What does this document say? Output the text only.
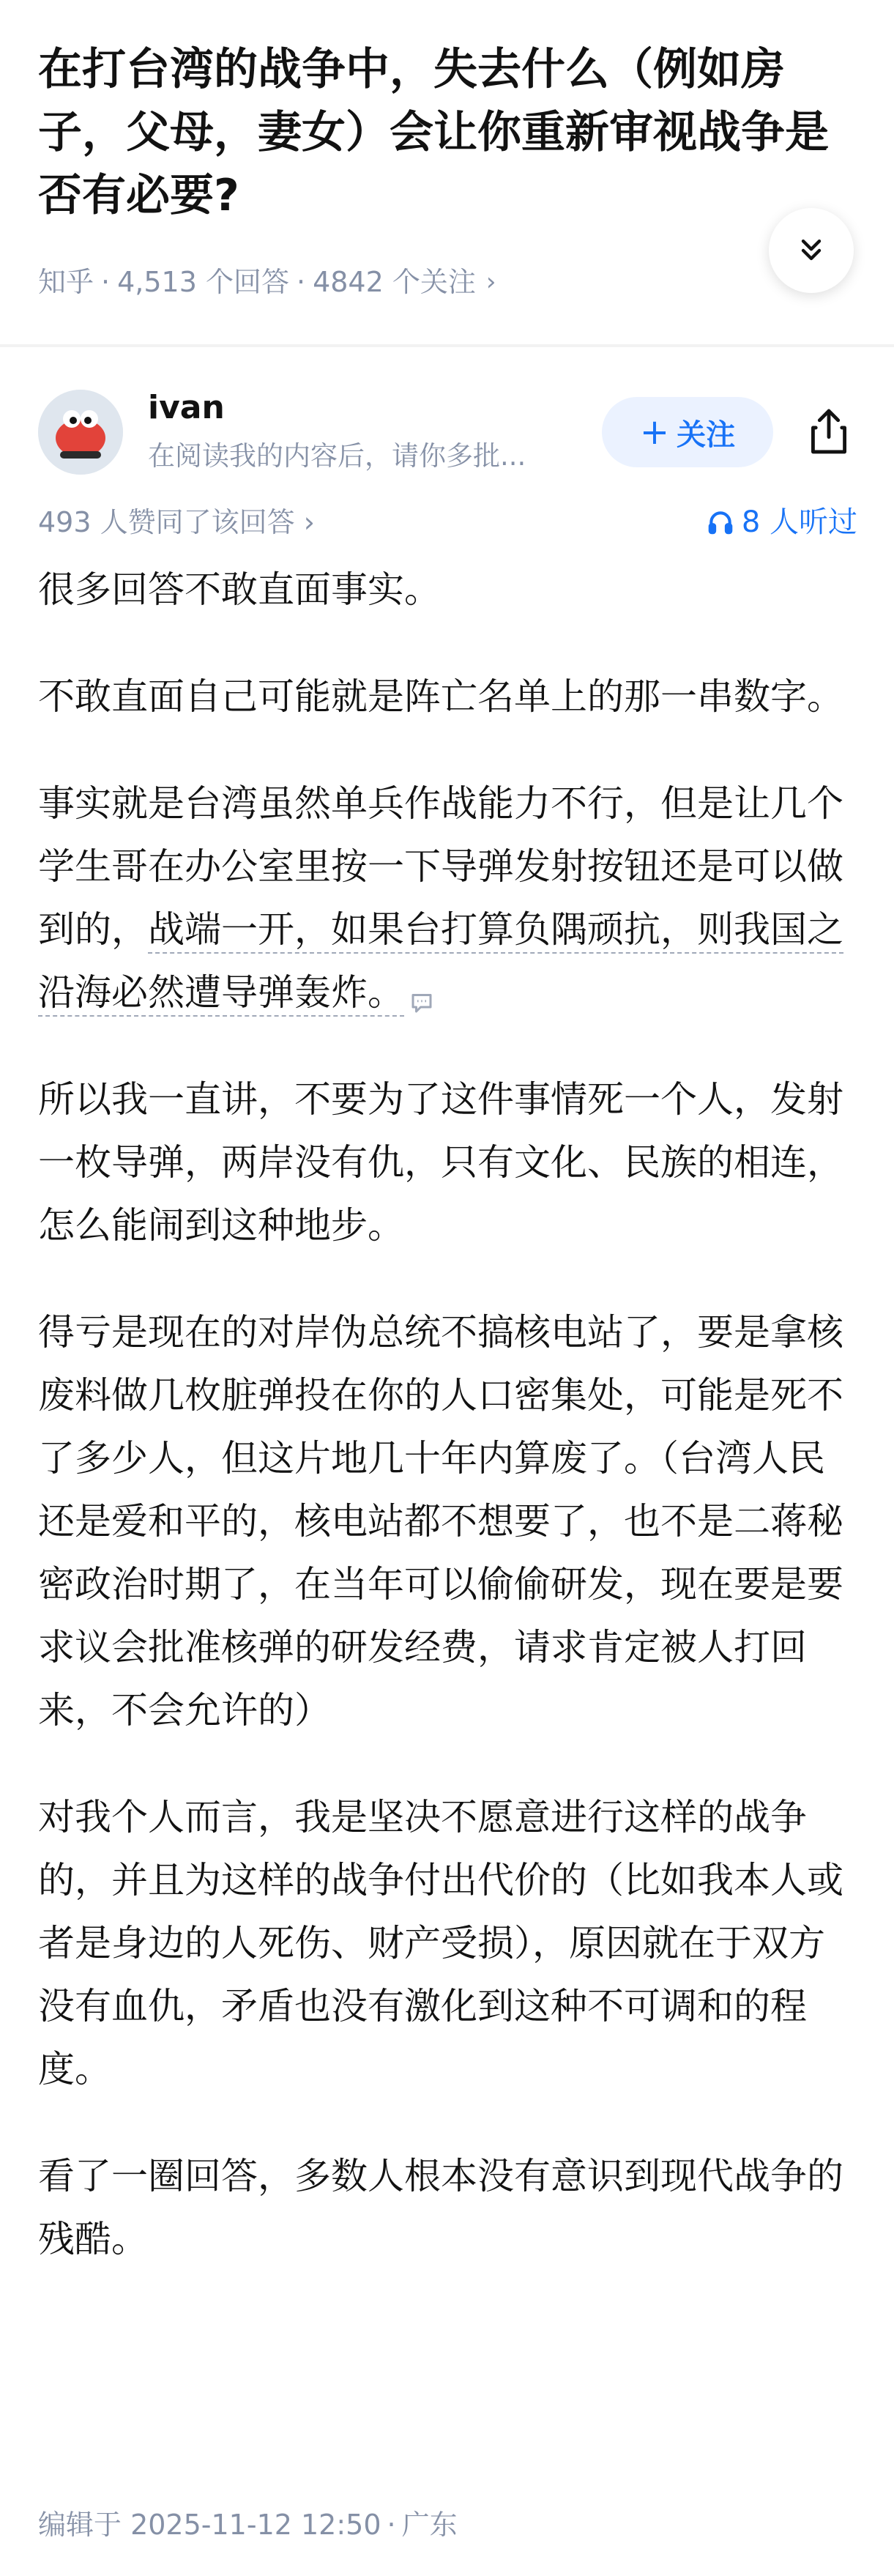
在打台湾的战争中，失去什么（例如房子，父母，妻女）会让你重新审视战争是否有必要?
知乎 · 4,513 个回答 · 4842 个关注 ›
ivan
在阅读我的内容后，请你多批...
+ 关注
493 人赞同了该回答 ›	8 人听过

很多回答不敢直面事实。

不敢直面自己可能就是阵亡名单上的那一串数字。

事实就是台湾虽然单兵作战能力不行，但是让几个学生哥在办公室里按一下导弹发射按钮还是可以做到的，战端一开，如果台打算负隅顽抗，则我国之沿海必然遭导弹轰炸。

所以我一直讲，不要为了这件事情死一个人，发射一枚导弹，两岸没有仇，只有文化、民族的相连，怎么能闹到这种地步。

得亏是现在的对岸伪总统不搞核电站了，要是拿核废料做几枚脏弹投在你的人口密集处，可能是死不了多少人，但这片地几十年内算废了。（台湾人民还是爱和平的，核电站都不想要了，也不是二蒋秘密政治时期了，在当年可以偷偷研发，现在要是要求议会批准核弹的研发经费，请求肯定被人打回来，不会允许的）

对我个人而言，我是坚决不愿意进行这样的战争的，并且为这样的战争付出代价的（比如我本人或者是身边的人死伤、财产受损），原因就在于双方没有血仇，矛盾也没有激化到这种不可调和的程度。

看了一圈回答，多数人根本没有意识到现代战争的残酷。

编辑于 2025-11-12 12:50 · 广东
